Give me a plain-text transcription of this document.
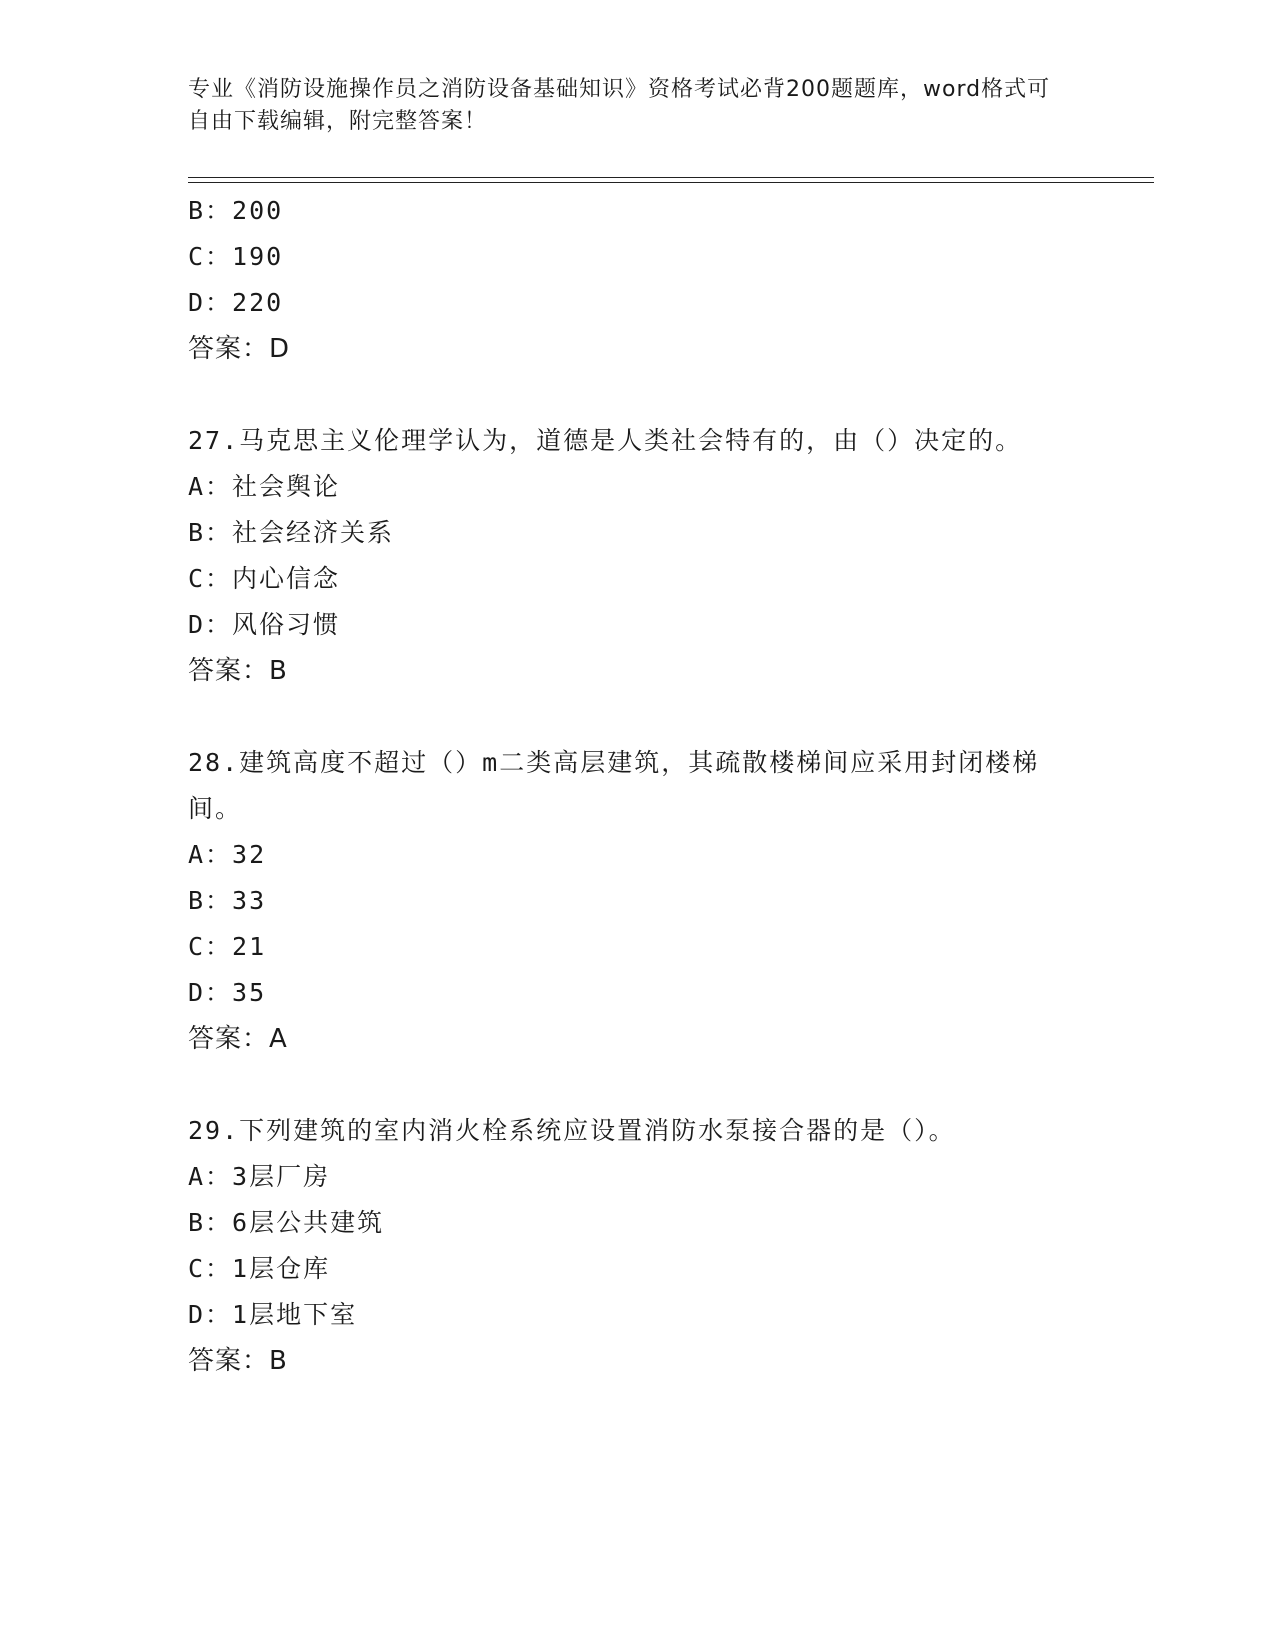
专业《消防设施操作员之消防设备基础知识》资格考试必背200题题库，word格式可自由下载编辑，附完整答案！
B：200
C：190
D：220
答案：D
27.马克思主义伦理学认为，道德是人类社会特有的，由（）决定的。
A：社会舆论
B：社会经济关系
C：内心信念
D：风俗习惯
答案：B
28.建筑高度不超过（）m二类高层建筑，其疏散楼梯间应采用封闭楼梯间。
A：32
B：33
C：21
D：35
答案：A
29.下列建筑的室内消火栓系统应设置消防水泵接合器的是（）。
A：3层厂房
B：6层公共建筑
C：1层仓库
D：1层地下室
答案：B
